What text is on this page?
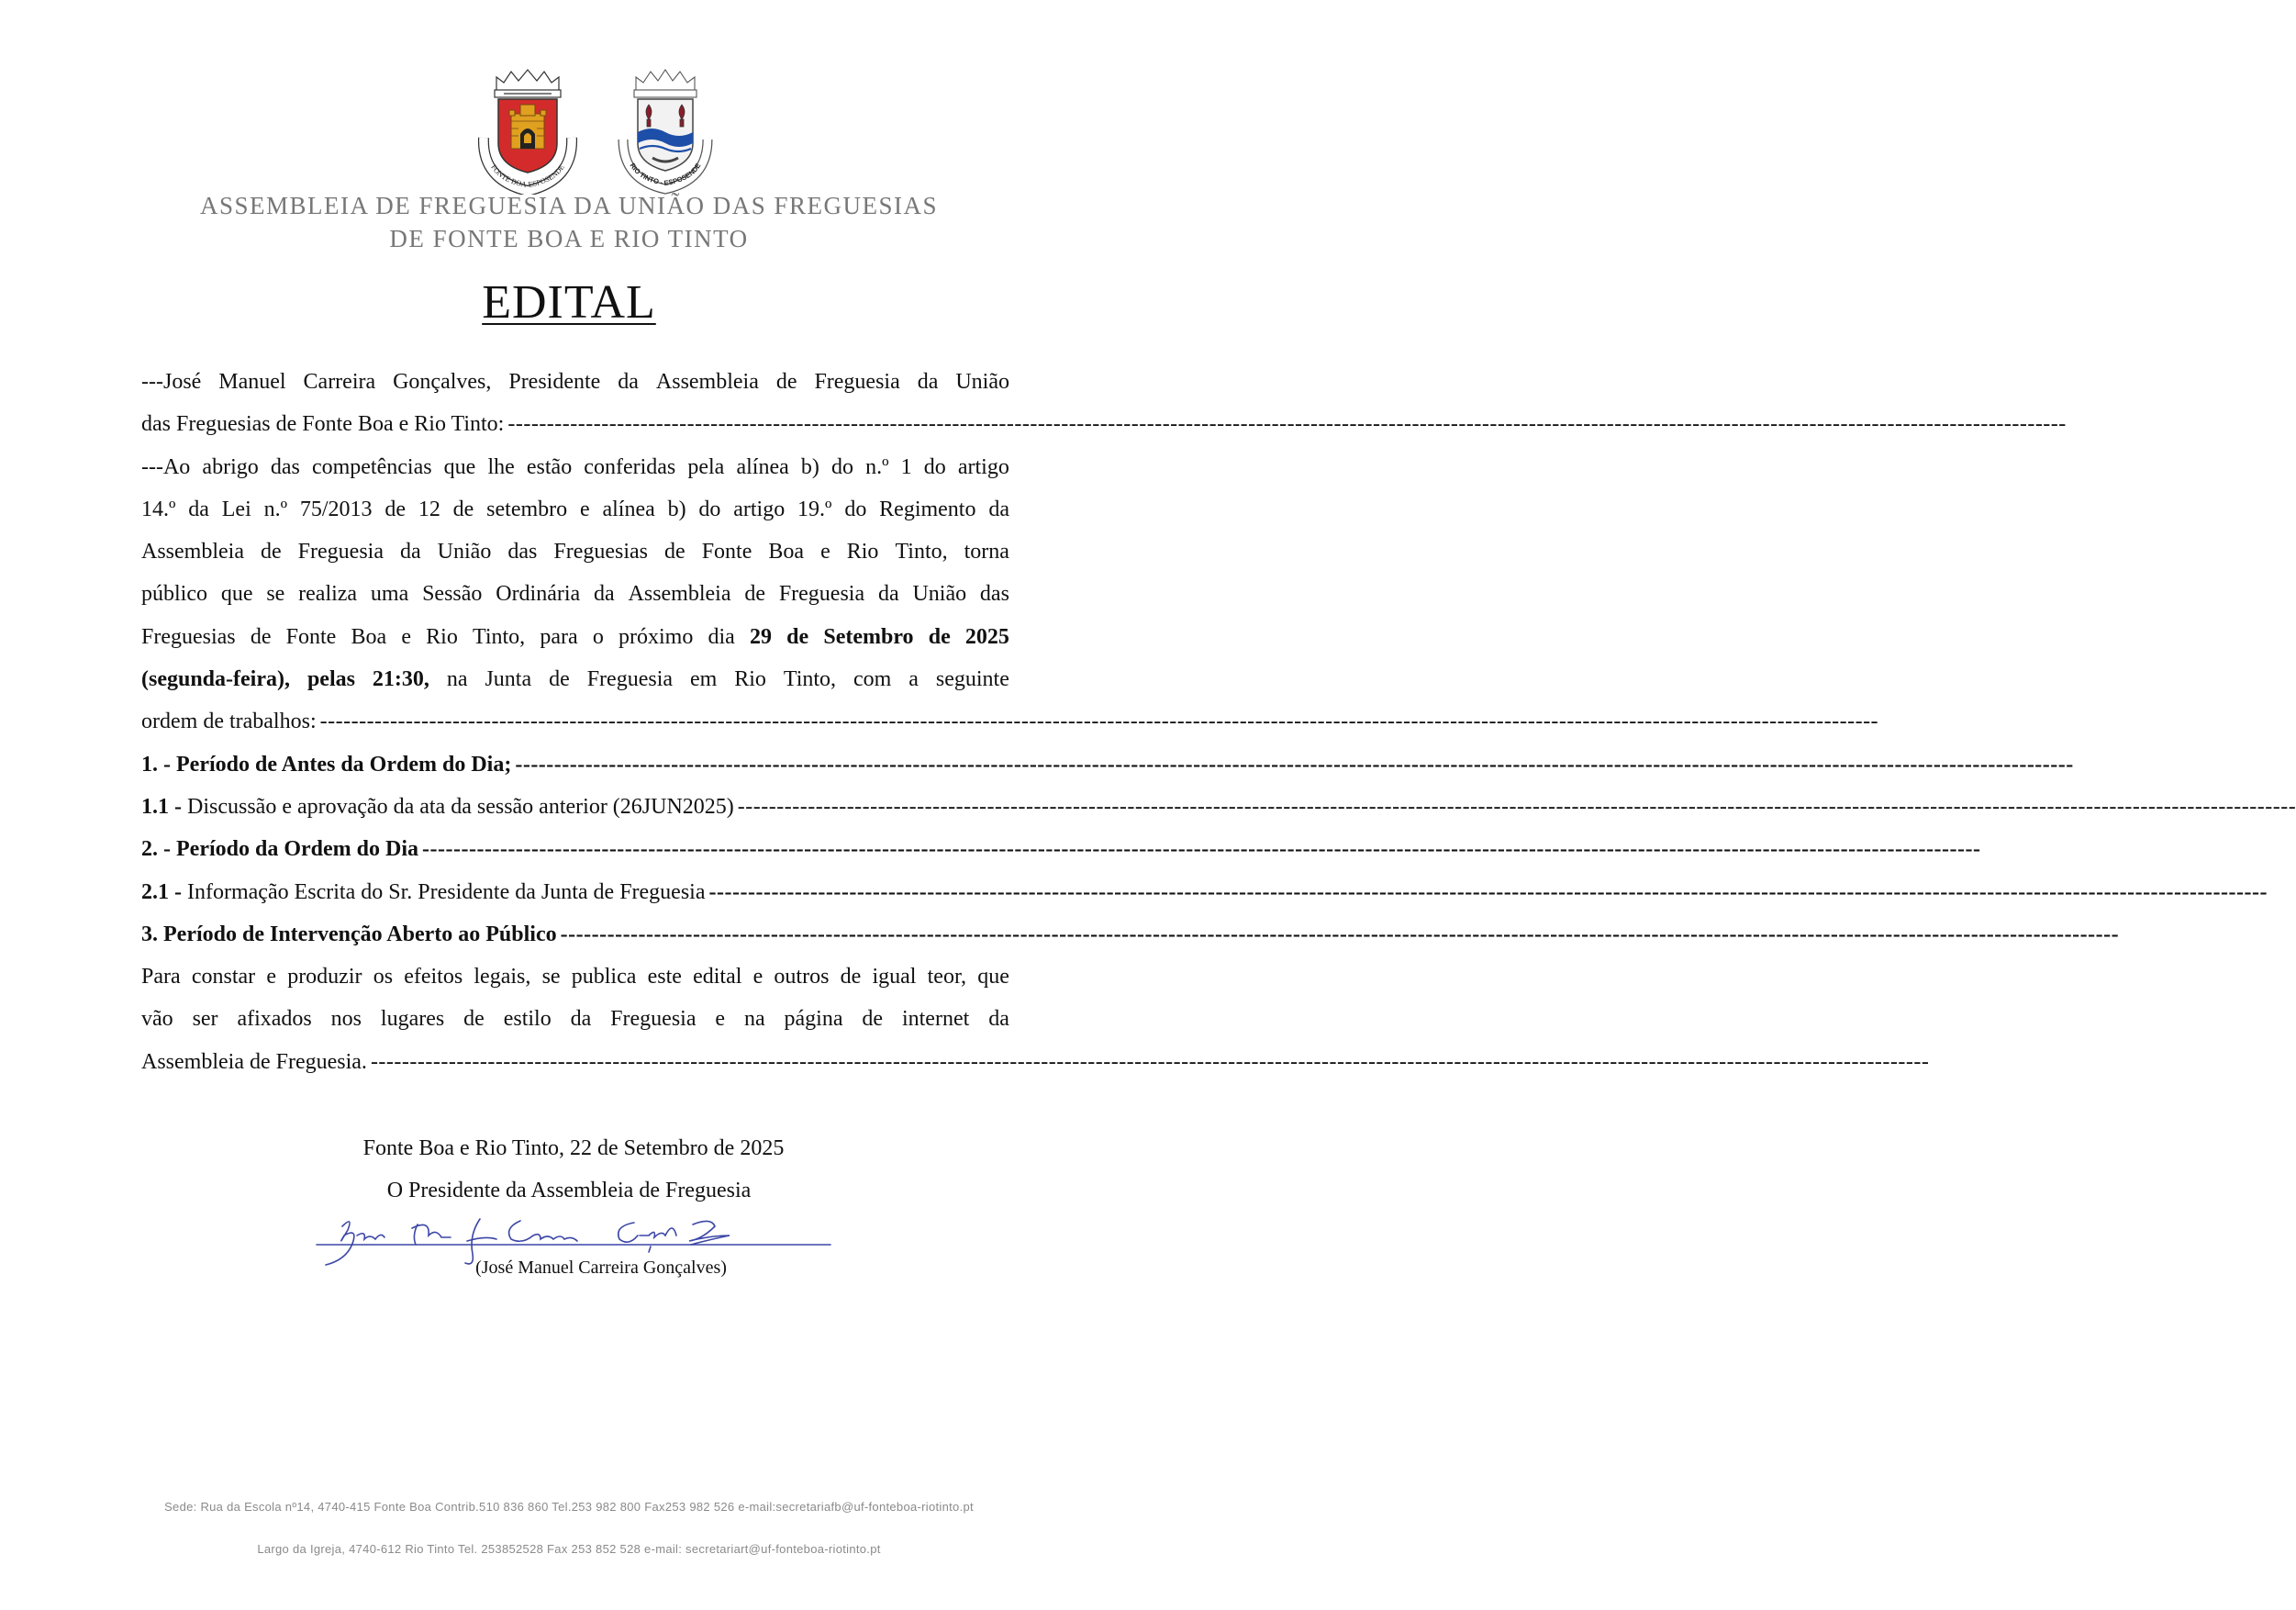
FONTE BOA-ESPOSENDE	RIO TINTO - ESPOSENDE
ASSEMBLEIA DE FREGUESIA DA UNIÃO DAS FREGUESIAS
DE FONTE BOA E RIO TINTO
EDITAL
---José Manuel Carreira Gonçalves, Presidente da Assembleia de Freguesia da União
das Freguesias de Fonte Boa e Rio Tinto: --------------------------------------------------------------------------------------------------------------------------------------------------------------------------------------------------------
---Ao abrigo das competências que lhe estão conferidas pela alínea b) do n.º 1 do artigo
14.º da Lei n.º 75/2013 de 12 de setembro e alínea b) do artigo 19.º do Regimento da
Assembleia de Freguesia da União das Freguesias de Fonte Boa e Rio Tinto, torna
público que se realiza uma Sessão Ordinária da Assembleia de Freguesia da União das
Freguesias de Fonte Boa e Rio Tinto, para o próximo dia 29 de Setembro de 2025
(segunda-feira), pelas 21:30, na Junta de Freguesia em Rio Tinto, com a seguinte
ordem de trabalhos: --------------------------------------------------------------------------------------------------------------------------------------------------------------------------------------------------------
1. - Período de Antes da Ordem do Dia; --------------------------------------------------------------------------------------------------------------------------------------------------------------------------------------------------------
1.1 - Discussão e aprovação da ata da sessão anterior (26JUN2025) --------------------------------------------------------------------------------------------------------------------------------------------------------------------------------------------------------
2. - Período da Ordem do Dia --------------------------------------------------------------------------------------------------------------------------------------------------------------------------------------------------------
2.1 - Informação Escrita do Sr. Presidente da Junta de Freguesia --------------------------------------------------------------------------------------------------------------------------------------------------------------------------------------------------------
3. Período de Intervenção Aberto ao Público --------------------------------------------------------------------------------------------------------------------------------------------------------------------------------------------------------
Para constar e produzir os efeitos legais, se publica este edital e outros de igual teor, que
vão ser afixados nos lugares de estilo da Freguesia e na página de internet da
Assembleia de Freguesia. --------------------------------------------------------------------------------------------------------------------------------------------------------------------------------------------------------
Fonte Boa e Rio Tinto, 22 de Setembro de 2025
O Presidente da Assembleia de Freguesia
(José Manuel Carreira Gonçalves)
Sede: Rua da Escola nº14, 4740-415 Fonte Boa Contrib.510 836 860 Tel.253 982 800 Fax253 982 526 e-mail:secretariafb@uf-fonteboa-riotinto.pt
Largo da Igreja, 4740-612 Rio Tinto Tel. 253852528 Fax 253 852 528 e-mail: secretariart@uf-fonteboa-riotinto.pt
